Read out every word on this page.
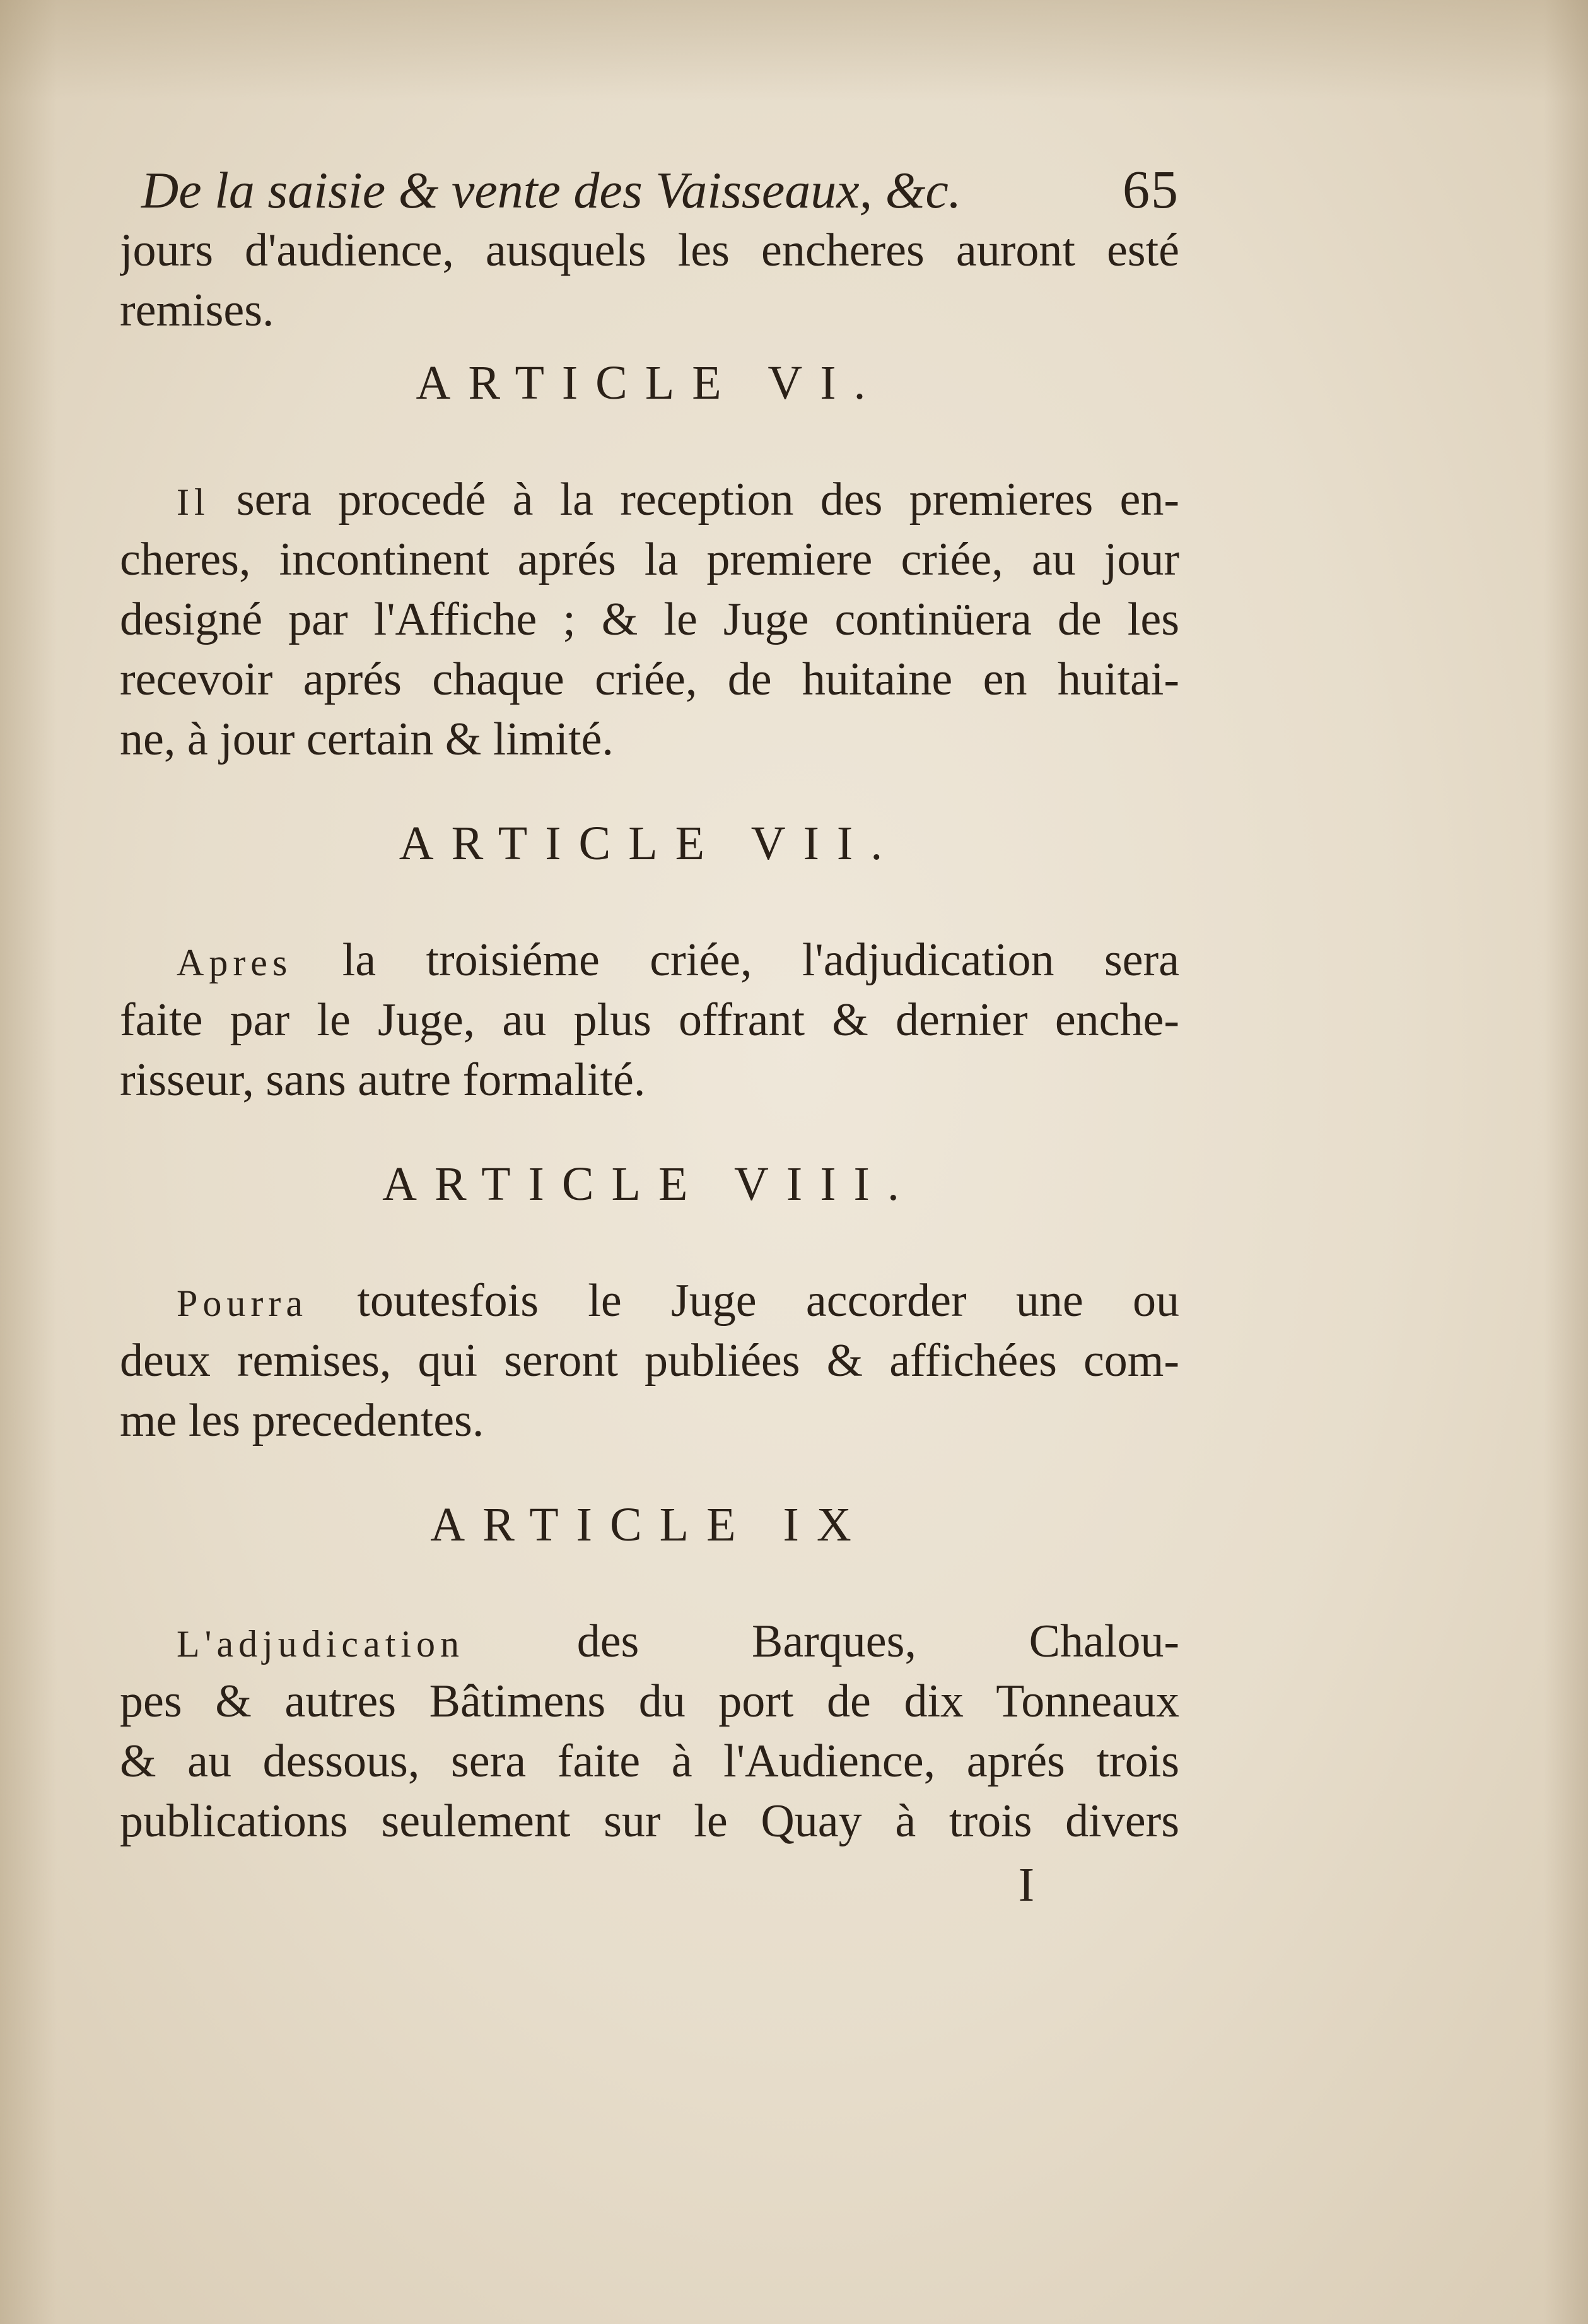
De la saisie & vente des Vaisseaux, &c.	65
jours d'audience, ausquels les encheres auront esté
remises.
ARTICLE VI.
Il sera procedé à la reception des premieres en-
cheres, incontinent aprés la premiere criée, au jour
designé par l'Affiche ; & le Juge continüera de les
recevoir aprés chaque criée, de huitaine en huitai-
ne, à jour certain & limité.
ARTICLE VII.
Apres la troisiéme criée, l'adjudication sera
faite par le Juge, au plus offrant & dernier enche-
risseur, sans autre formalité.
ARTICLE VIII.
Pourra toutesfois le Juge accorder une ou
deux remises, qui seront publiées & affichées com-
me les precedentes.
ARTICLE IX
L'adjudication des Barques, Chalou-
pes & autres Bâtimens du port de dix Tonneaux
& au dessous, sera faite à l'Audience, aprés trois
publications seulement sur le Quay à trois divers
I
